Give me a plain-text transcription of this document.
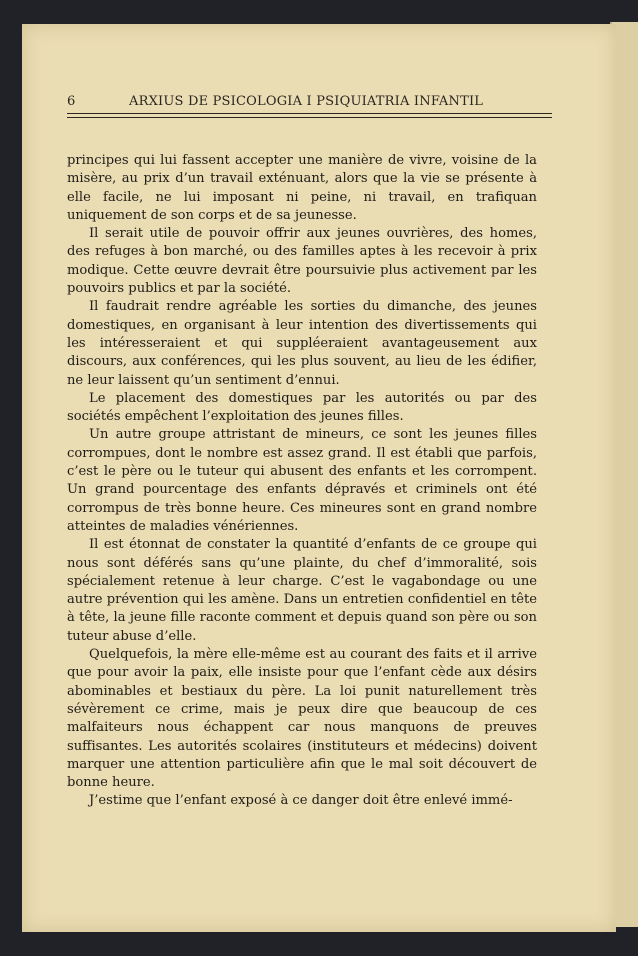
6	ARXIUS DE PSICOLOGIA I PSIQUIATRIA INFANTIL

principes qui lui fassent accepter une manière de vivre, voisine de la misère, au prix d’un travail exténuant, alors que la vie se présente à elle facile, ne lui imposant ni peine, ni travail, en trafiquan uniquement de son corps et de sa jeunesse.

Il serait utile de pouvoir offrir aux jeunes ouvrières, des homes, des refuges à bon marché, ou des familles aptes à les recevoir à prix modique. Cette œuvre devrait être poursuivie plus activement par les pouvoirs publics et par la société.

Il faudrait rendre agréable les sorties du dimanche, des jeunes domestiques, en organisant à leur intention des divertissements qui les intéresseraient et qui suppléeraient avantageusement aux discours, aux conférences, qui les plus souvent, au lieu de les édifier, ne leur laissent qu’un sentiment d’ennui.

Le placement des domestiques par les autorités ou par des sociétés empêchent l’exploitation des jeunes filles.

Un autre groupe attristant de mineurs, ce sont les jeunes filles corrompues, dont le nombre est assez grand. Il est établi que parfois, c’est le père ou le tuteur qui abusent des enfants et les corrompent. Un grand pourcentage des enfants dépravés et criminels ont été corrompus de très bonne heure. Ces mineures sont en grand nombre atteintes de maladies vénériennes.

Il est étonnat de constater la quantité d’enfants de ce groupe qui nous sont déférés sans qu’une plainte, du chef d’immoralité, sois spécialement retenue à leur charge. C’est le vagabondage ou une autre prévention qui les amène. Dans un entretien confidentiel en tête à tête, la jeune fille raconte comment et depuis quand son père ou son tuteur abuse d’elle.

Quelquefois, la mère elle-même est au courant des faits et il arrive que pour avoir la paix, elle insiste pour que l’enfant cède aux désirs abominables et bestiaux du père. La loi punit naturellement très sévèrement ce crime, mais je peux dire que beaucoup de ces malfaiteurs nous échappent car nous manquons de preuves suffisantes. Les autorités scolaires (instituteurs et médecins) doivent marquer une attention particulière afin que le mal soit découvert de bonne heure.

J’estime que l’enfant exposé à ce danger doit être enlevé immé-
